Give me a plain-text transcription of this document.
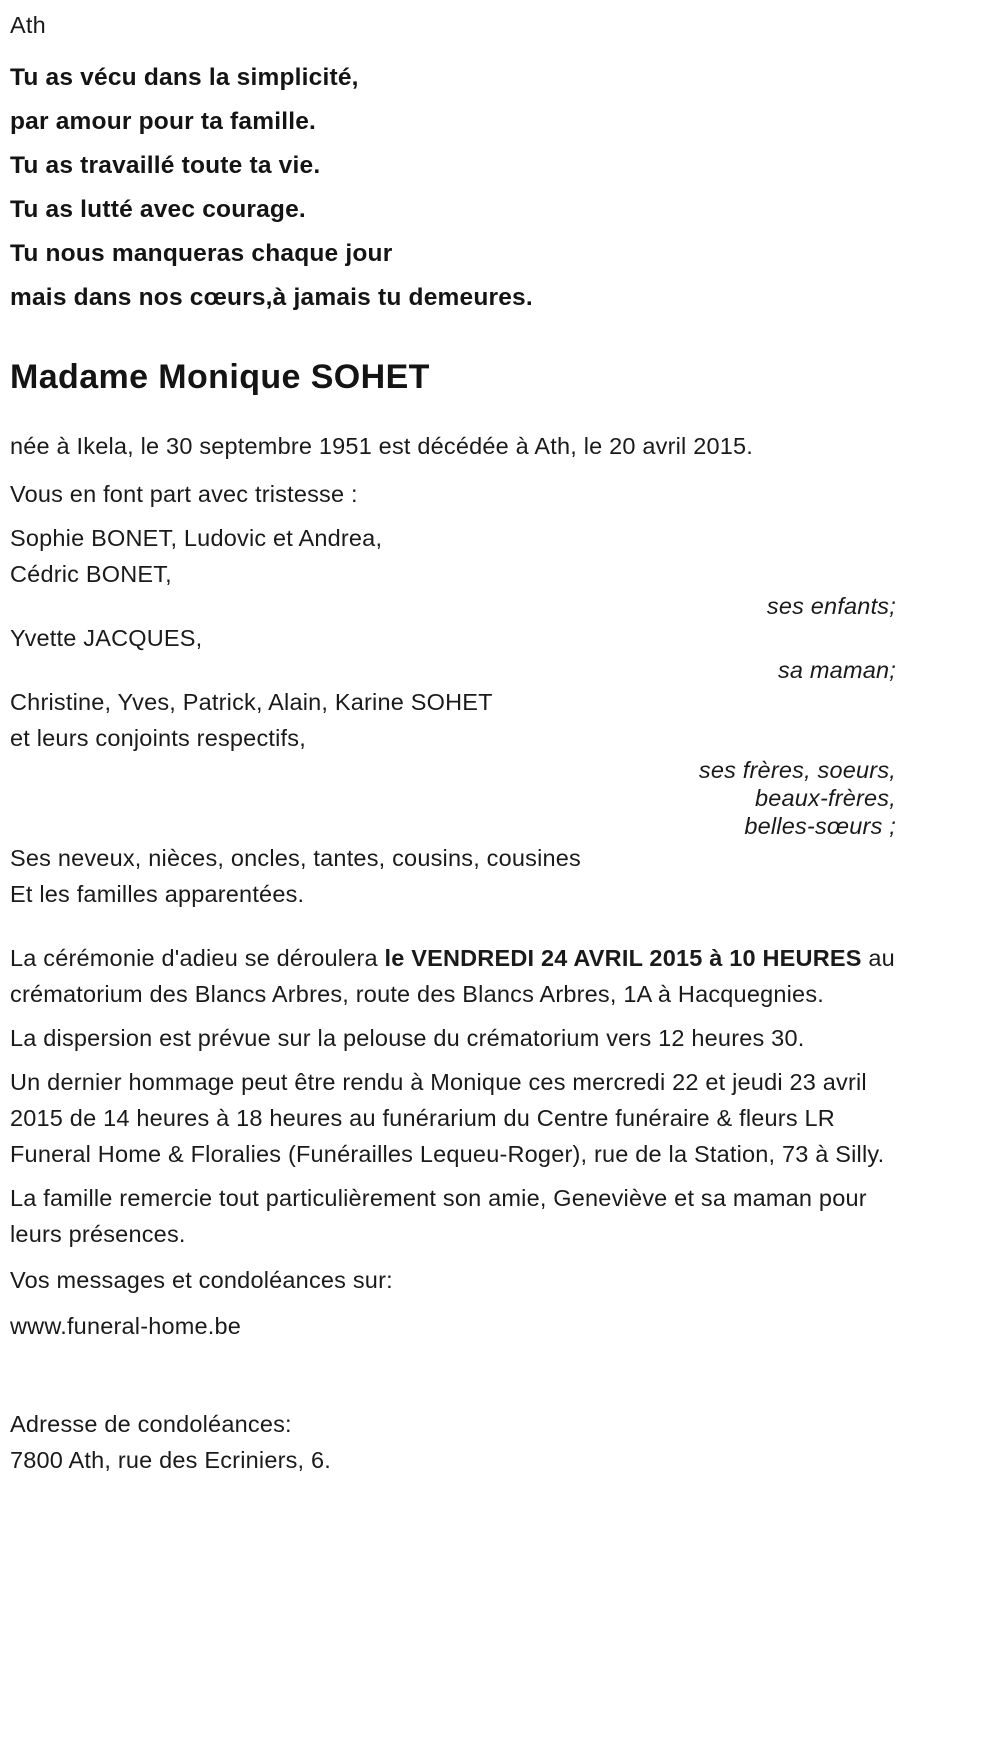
Ath

Tu as vécu dans la simplicité,

par amour pour ta famille.

Tu as travaillé toute ta vie.

Tu as lutté avec courage.

Tu nous manqueras chaque jour

mais dans nos cœurs,à jamais tu demeures.

Madame Monique SOHET

née à Ikela, le 30 septembre 1951 est décédée à Ath, le 20 avril 2015.

Vous en font part avec tristesse :

Sophie BONET, Ludovic et Andrea,

Cédric BONET,

ses enfants;

Yvette JACQUES,

sa maman;

Christine, Yves, Patrick, Alain, Karine SOHET

et leurs conjoints respectifs,

ses frères, soeurs,

beaux-frères,

belles-sœurs ;

Ses neveux, nièces, oncles, tantes, cousins, cousines

Et les familles apparentées.

La cérémonie d'adieu se déroulera le VENDREDI 24 AVRIL 2015 à 10 HEURES au crématorium des Blancs Arbres, route des Blancs Arbres, 1A à Hacquegnies.

La dispersion est prévue sur la pelouse du crématorium vers 12 heures 30.

Un dernier hommage peut être rendu à Monique ces mercredi 22 et jeudi 23 avril 2015 de 14 heures à 18 heures au funérarium du Centre funéraire & fleurs LR Funeral Home & Floralies (Funérailles Lequeu-Roger), rue de la Station, 73 à Silly.

La famille remercie tout particulièrement son amie, Geneviève et sa maman pour leurs présences.

Vos messages et condoléances sur:

www.funeral-home.be

Adresse de condoléances:

7800 Ath, rue des Ecriniers, 6.
